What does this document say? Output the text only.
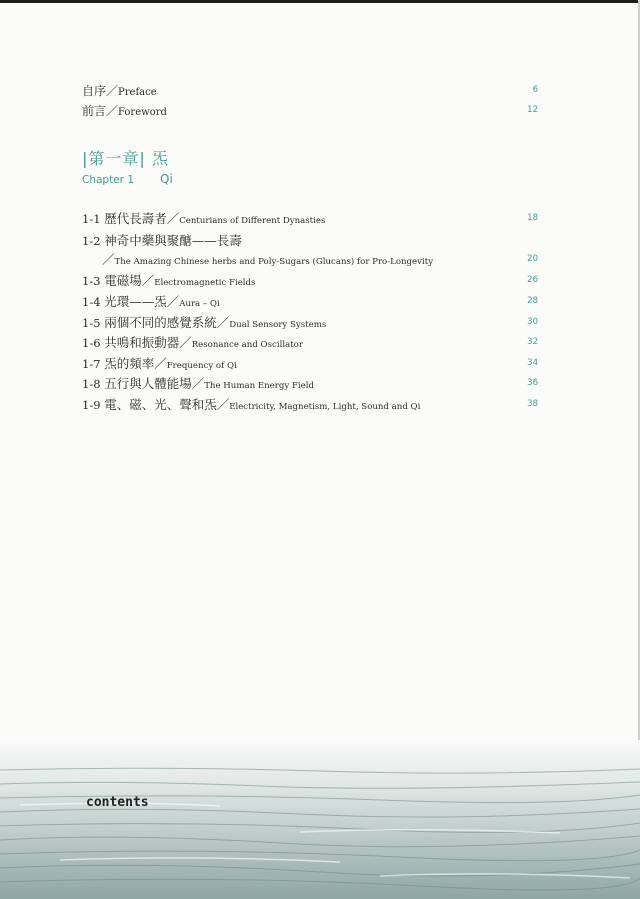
自序／Preface	6
前言／Foreword	12
|第一章| 炁
Chapter 1 Qi
1-1 歷代長壽者／Centurians of Different Dynasties	18
1-2 神奇中藥與聚醣——長壽
／The Amazing Chinese herbs and Poly-Sugars (Glucans) for Pro-Longevity	20
1-3 電磁場／Electromagnetic Fields	26
1-4 光環——炁／Aura – Qi	28
1-5 兩個不同的感覺系統／Dual Sensory Systems	30
1-6 共鳴和振動器／Resonance and Oscillator	32
1-7 炁的頻率／Frequency of Qi	34
1-8 五行與人體能場／The Human Energy Field	36
1-9 電、磁、光、聲和炁／Electricity, Magnetism, Light, Sound and Qi	38
contents
